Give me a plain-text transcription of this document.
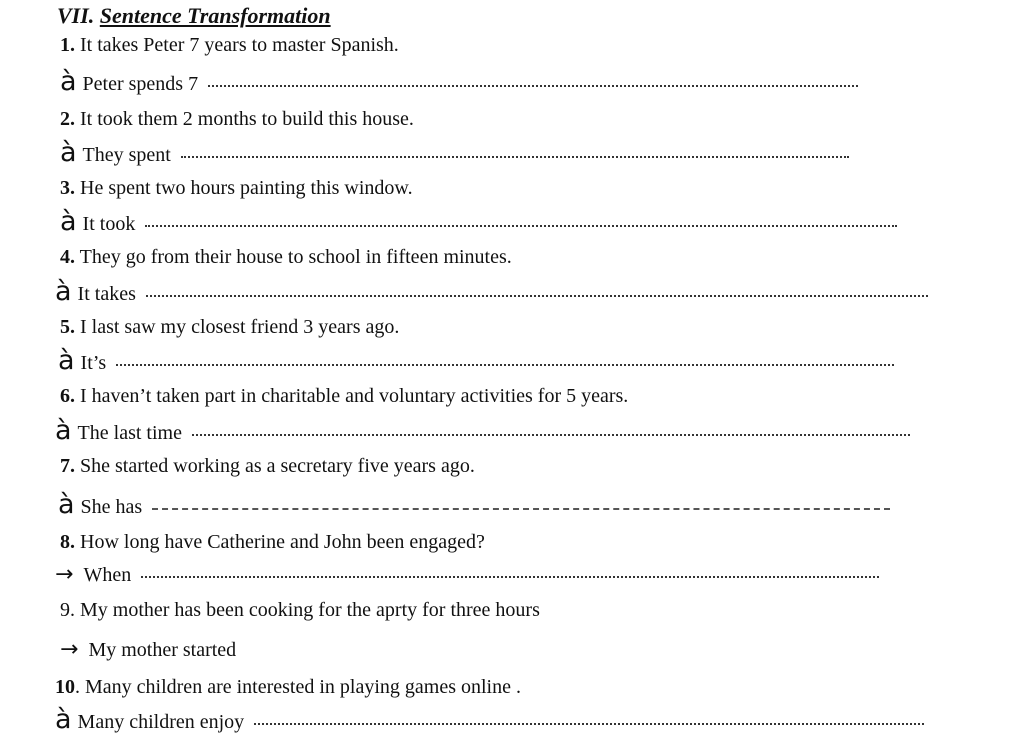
VII. Sentence Transformation
1. It takes Peter 7 years to master Spanish.
à Peter spends 7
2. It took them 2 months to build this house.
à They spent
3. He spent two hours painting this window.
à It took
4. They go from their house to school in fifteen minutes.
à It takes
5. I last saw my closest friend 3 years ago.
à It’s
6. I haven’t taken part in charitable and voluntary activities for 5 years.
à The last time
7. She started working as a secretary five years ago.
à She has
8. How long have Catherine and John been engaged?
→ When
9. My mother has been cooking for the aprty for three hours
→ My mother started
10. Many children are interested in playing games online .
à Many children enjoy
